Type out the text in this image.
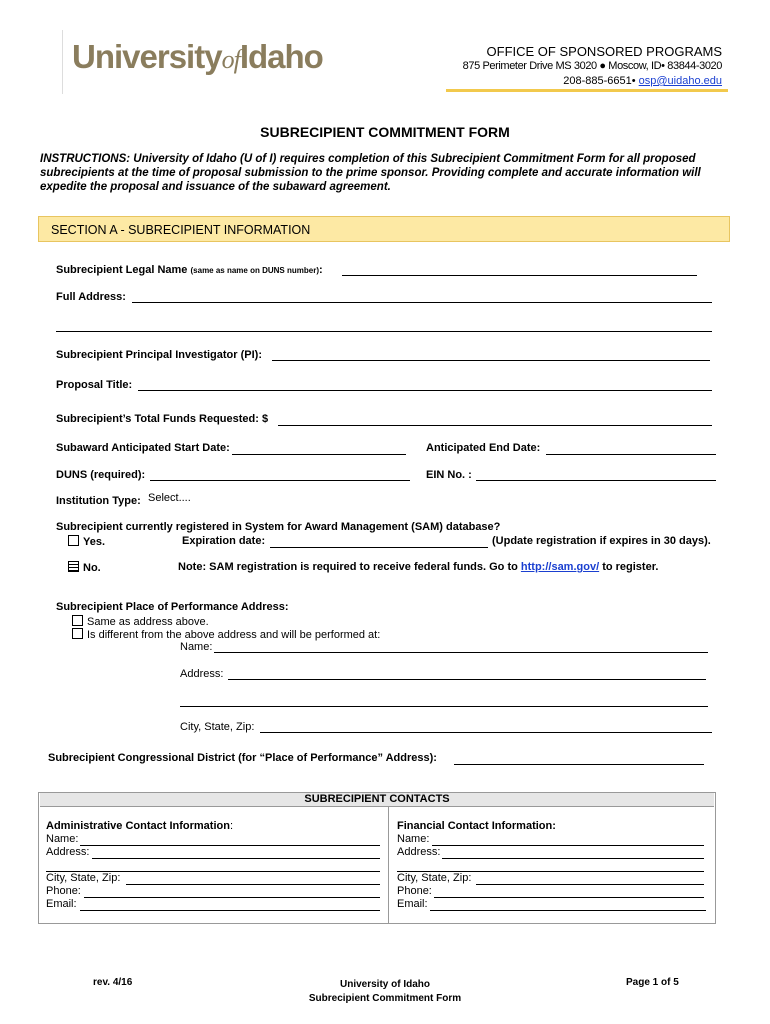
UniversityofIdaho	OFFICE OF SPONSORED PROGRAMS
875 Perimeter Drive MS 3020 ● Moscow, ID• 83844-3020
208-885-6651• osp@uidaho.edu
SUBRECIPIENT COMMITMENT FORM
INSTRUCTIONS: University of Idaho (U of I) requires completion of this Subrecipient Commitment Form for all proposed subrecipients at the time of proposal submission to the prime sponsor. Providing complete and accurate information will expedite the proposal and issuance of the subaward agreement.
SECTION A - SUBRECIPIENT INFORMATION
Subrecipient Legal Name (same as name on DUNS number):
Full Address:
Subrecipient Principal Investigator (PI):
Proposal Title:
Subrecipient’s Total Funds Requested: $
Subaward Anticipated Start Date:	Anticipated End Date:
DUNS (required):	EIN No. :
Institution Type: Select....
Subrecipient currently registered in System for Award Management (SAM) database?
Yes.	Expiration date:	(Update registration if expires in 30 days).
No.	Note: SAM registration is required to receive federal funds. Go to http://sam.gov/ to register.
Subrecipient Place of Performance Address:
Same as address above.
Is different from the above address and will be performed at:
Name:
Address:
City, State, Zip:
Subrecipient Congressional District (for “Place of Performance” Address):
SUBRECIPIENT CONTACTS
Administrative Contact Information:
Name:
Address:
City, State, Zip:
Phone:
Email:
Financial Contact Information:
Name:
Address:
City, State, Zip:
Phone:
Email:
rev. 4/16	University of Idaho
Subrecipient Commitment Form
Page 1 of 5
